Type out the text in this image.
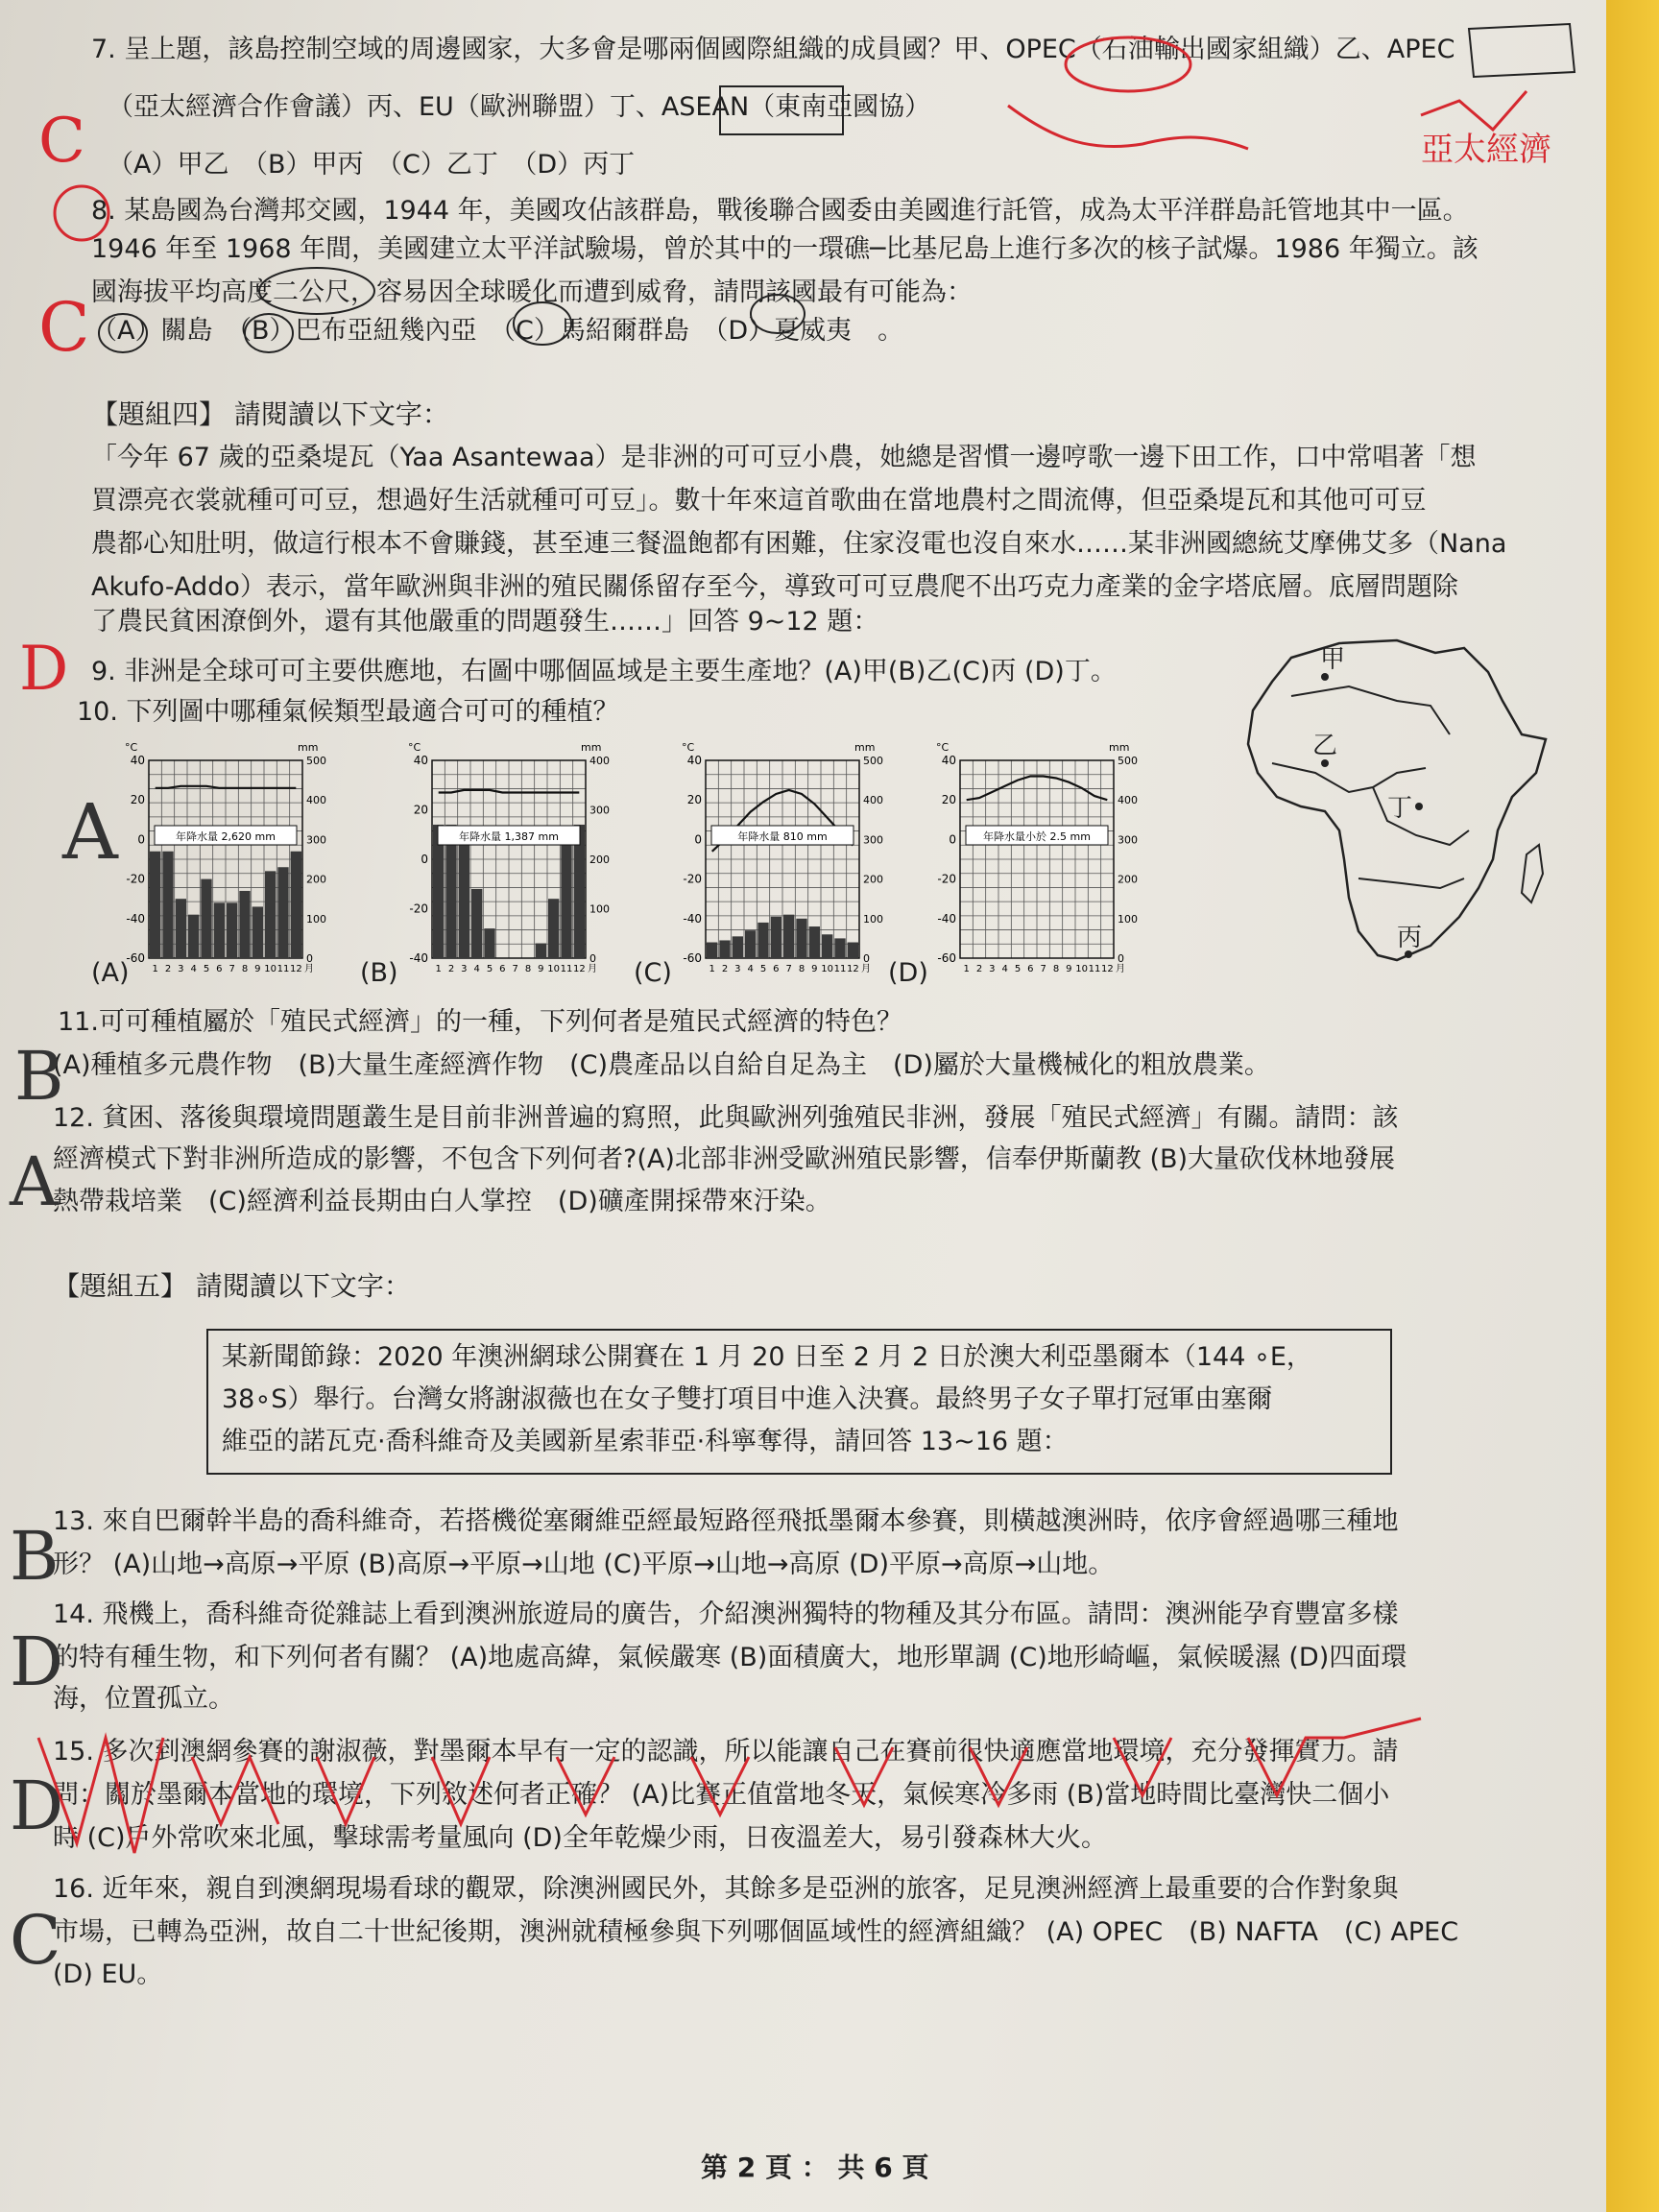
7. 呈上題，該島控制空域的周邊國家，大多會是哪兩個國際組織的成員國？甲、OPEC（石油輸出國家組織）乙、APEC
（亞太經濟合作會議）丙、EU（歐洲聯盟）丁、ASEAN（東南亞國協）
（A）甲乙　（B）甲丙　（C）乙丁　（D）丙丁
8. 某島國為台灣邦交國，1944 年，美國攻佔該群島，戰後聯合國委由美國進行託管，成為太平洋群島託管地其中一區。
1946 年至 1968 年間，美國建立太平洋試驗場，曾於其中的一環礁─比基尼島上進行多次的核子試爆。1986 年獨立。該
國海拔平均高度二公尺，容易因全球暖化而遭到威脅，請問該國最有可能為：
（A）關島　（B）巴布亞紐幾內亞　（C）馬紹爾群島　（D）夏威夷　。
【題組四】 請閱讀以下文字：
「今年 67 歲的亞桑堤瓦（Yaa Asantewaa）是非洲的可可豆小農，她總是習慣一邊哼歌一邊下田工作，口中常唱著「想
買漂亮衣裳就種可可豆，想過好生活就種可可豆」。數十年來這首歌曲在當地農村之間流傳，但亞桑堤瓦和其他可可豆
農都心知肚明，做這行根本不會賺錢，甚至連三餐溫飽都有困難，住家沒電也沒自來水……某非洲國總統艾摩佛艾多（Nana
Akufo-Addo）表示，當年歐洲與非洲的殖民關係留存至今，導致可可豆農爬不出巧克力產業的金字塔底層。底層問題除
了農民貧困潦倒外，還有其他嚴重的問題發生……」回答 9~12 題：
9. 非洲是全球可可主要供應地，右圖中哪個區域是主要生產地？(A)甲(B)乙(C)丙 (D)丁。
10. 下列圖中哪種氣候類型最適合可可的種植？
°C	mm
40
20
0
-20
-40
-60
500
400
300
200
100
0
年降水量 2,620 mm
1 2 3 4 5 6 7 8 9 10 11 12 月
°C	mm
40
20
0
-20
-40
400
300
200
100
0
年降水量 1,387 mm
1 2 3 4 5 6 7 8 9 10 11 12 月
°C	mm
40
20
0
-20
-40
-60
500
400
300
200
100
0
年降水量 810 mm
1 2 3 4 5 6 7 8 9 10 11 12 月
°C	mm
40
20
0
-20
-40
-60
500
400
300
200
100
0
年降水量小於 2.5 mm
1 2 3 4 5 6 7 8 9 10 11 12 月
(A)	(B)	(C)	(D)
甲
乙
丁
丙
11.可可種植屬於「殖民式經濟」的一種，下列何者是殖民式經濟的特色？
(A)種植多元農作物　(B)大量生產經濟作物　(C)農產品以自給自足為主　(D)屬於大量機械化的粗放農業。
12. 貧困、落後與環境問題叢生是目前非洲普遍的寫照，此與歐洲列強殖民非洲，發展「殖民式經濟」有關。請問：該
經濟模式下對非洲所造成的影響，不包含下列何者?(A)北部非洲受歐洲殖民影響，信奉伊斯蘭教 (B)大量砍伐林地發展
熱帶栽培業　(C)經濟利益長期由白人掌控　(D)礦產開採帶來汙染。
【題組五】 請閱讀以下文字：
某新聞節錄：2020 年澳洲網球公開賽在 1 月 20 日至 2 月 2 日於澳大利亞墨爾本（144 ∘E，
38∘S）舉行。台灣女將謝淑薇也在女子雙打項目中進入決賽。最終男子女子單打冠軍由塞爾
維亞的諾瓦克·喬科維奇及美國新星索菲亞·科寧奪得，請回答 13~16 題：
13. 來自巴爾幹半島的喬科維奇，若搭機從塞爾維亞經最短路徑飛抵墨爾本參賽，則橫越澳洲時，依序會經過哪三種地
形？ (A)山地→高原→平原 (B)高原→平原→山地 (C)平原→山地→高原 (D)平原→高原→山地。
14. 飛機上，喬科維奇從雜誌上看到澳洲旅遊局的廣告，介紹澳洲獨特的物種及其分布區。請問：澳洲能孕育豐富多樣
的特有種生物，和下列何者有關？ (A)地處高緯，氣候嚴寒 (B)面積廣大，地形單調 (C)地形崎嶇，氣候暖濕 (D)四面環
海，位置孤立。
15. 多次到澳網參賽的謝淑薇，對墨爾本早有一定的認識，所以能讓自己在賽前很快適應當地環境，充分發揮實力。請
問：關於墨爾本當地的環境，下列敘述何者正確？ (A)比賽正值當地冬天，氣候寒冷多雨 (B)當地時間比臺灣快二個小
時 (C)戶外常吹來北風，擊球需考量風向 (D)全年乾燥少雨，日夜溫差大，易引發森林大火。
16. 近年來，親自到澳網現場看球的觀眾，除澳洲國民外，其餘多是亞洲的旅客，足見澳洲經濟上最重要的合作對象與
市場，已轉為亞洲，故自二十世紀後期，澳洲就積極參與下列哪個區域性的經濟組織？ (A) OPEC　(B) NAFTA　(C) APEC
(D) EU。
第 2 頁 ： 共 6 頁
C	亞太經濟
C
D
A
B
A
B
D
D
C
